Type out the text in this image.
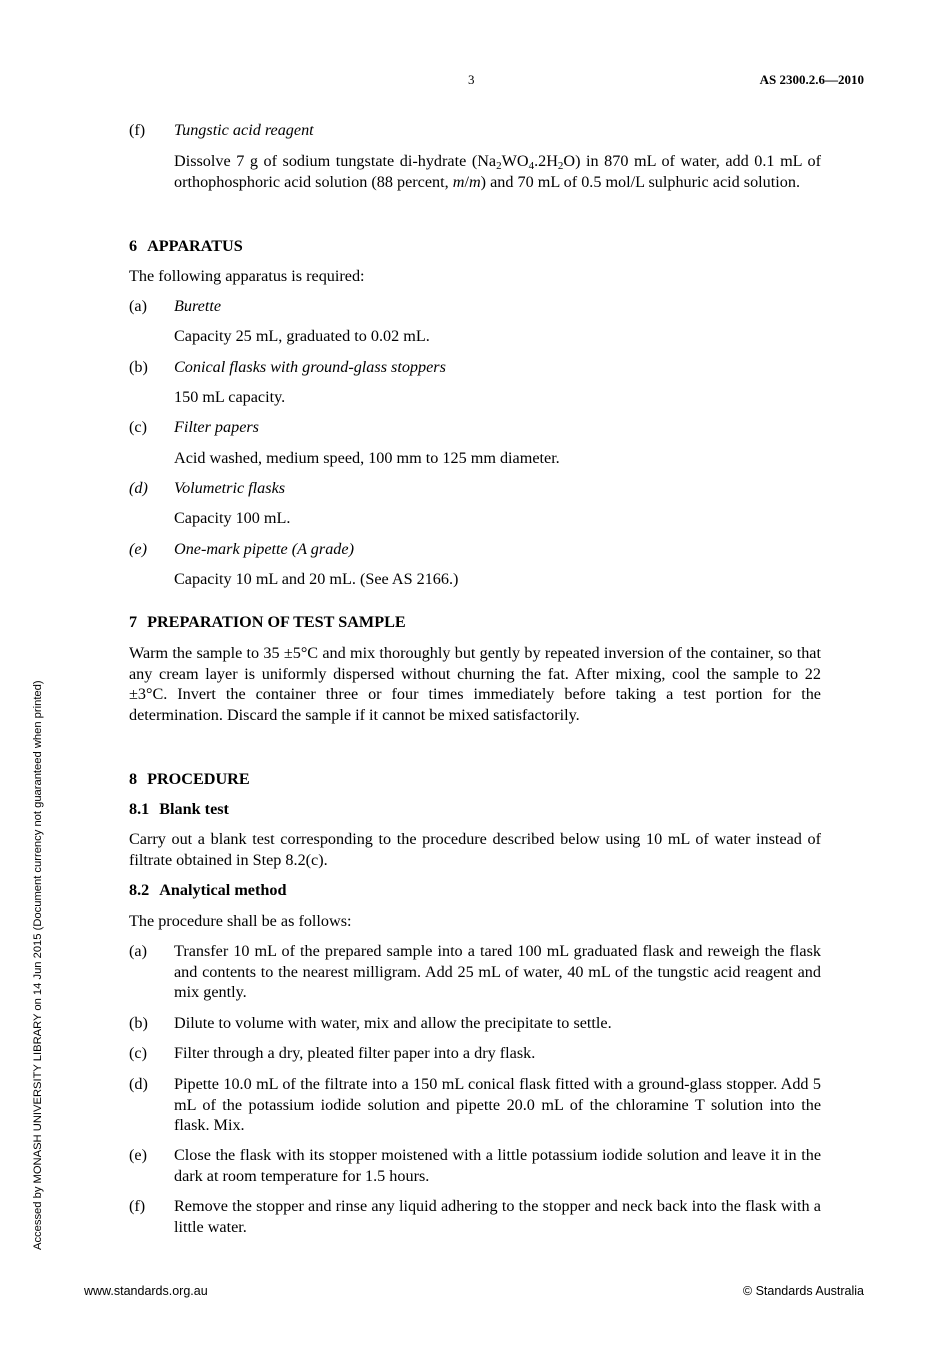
3	AS 2300.2.6—2010
Accessed by MONASH UNIVERSITY LIBRARY on 14 Jun 2015 (Document currency not guaranteed when printed)
(f) Tungstic acid reagent
Dissolve 7 g of sodium tungstate di-hydrate $(Na_2WO_4.2H_2O)$ in 870 mL of water, add 0.1 mL of orthophosphoric acid solution (88 percent, m/m) and 70 mL of 0.5 mol/L sulphuric acid solution.
6 APPARATUS
The following apparatus is required:
(a) Burette
Capacity 25 mL, graduated to 0.02 mL.
(b) Conical flasks with ground-glass stoppers
150 mL capacity.
(c) Filter papers
Acid washed, medium speed, 100 mm to 125 mm diameter.
(d) Volumetric flasks
Capacity 100 mL.
(e) One-mark pipette (A grade)
Capacity 10 mL and 20 mL. (See AS 2166.)
7 PREPARATION OF TEST SAMPLE
Warm the sample to 35 ±5°C and mix thoroughly but gently by repeated inversion of the container, so that any cream layer is uniformly dispersed without churning the fat. After mixing, cool the sample to 22 ±3°C. Invert the container three or four times immediately before taking a test portion for the determination. Discard the sample if it cannot be mixed satisfactorily.
8 PROCEDURE
8.1 Blank test
Carry out a blank test corresponding to the procedure described below using 10 mL of water instead of filtrate obtained in Step 8.2(c).
8.2 Analytical method
The procedure shall be as follows:
(a) Transfer 10 mL of the prepared sample into a tared 100 mL graduated flask and reweigh the flask and contents to the nearest milligram. Add 25 mL of water, 40 mL of the tungstic acid reagent and mix gently.
(b) Dilute to volume with water, mix and allow the precipitate to settle.
(c) Filter through a dry, pleated filter paper into a dry flask.
(d) Pipette 10.0 mL of the filtrate into a 150 mL conical flask fitted with a ground-glass stopper. Add 5 mL of the potassium iodide solution and pipette 20.0 mL of the chloramine T solution into the flask. Mix.
(e) Close the flask with its stopper moistened with a little potassium iodide solution and leave it in the dark at room temperature for 1.5 hours.
(f) Remove the stopper and rinse any liquid adhering to the stopper and neck back into the flask with a little water.
www.standards.org.au	© Standards Australia
